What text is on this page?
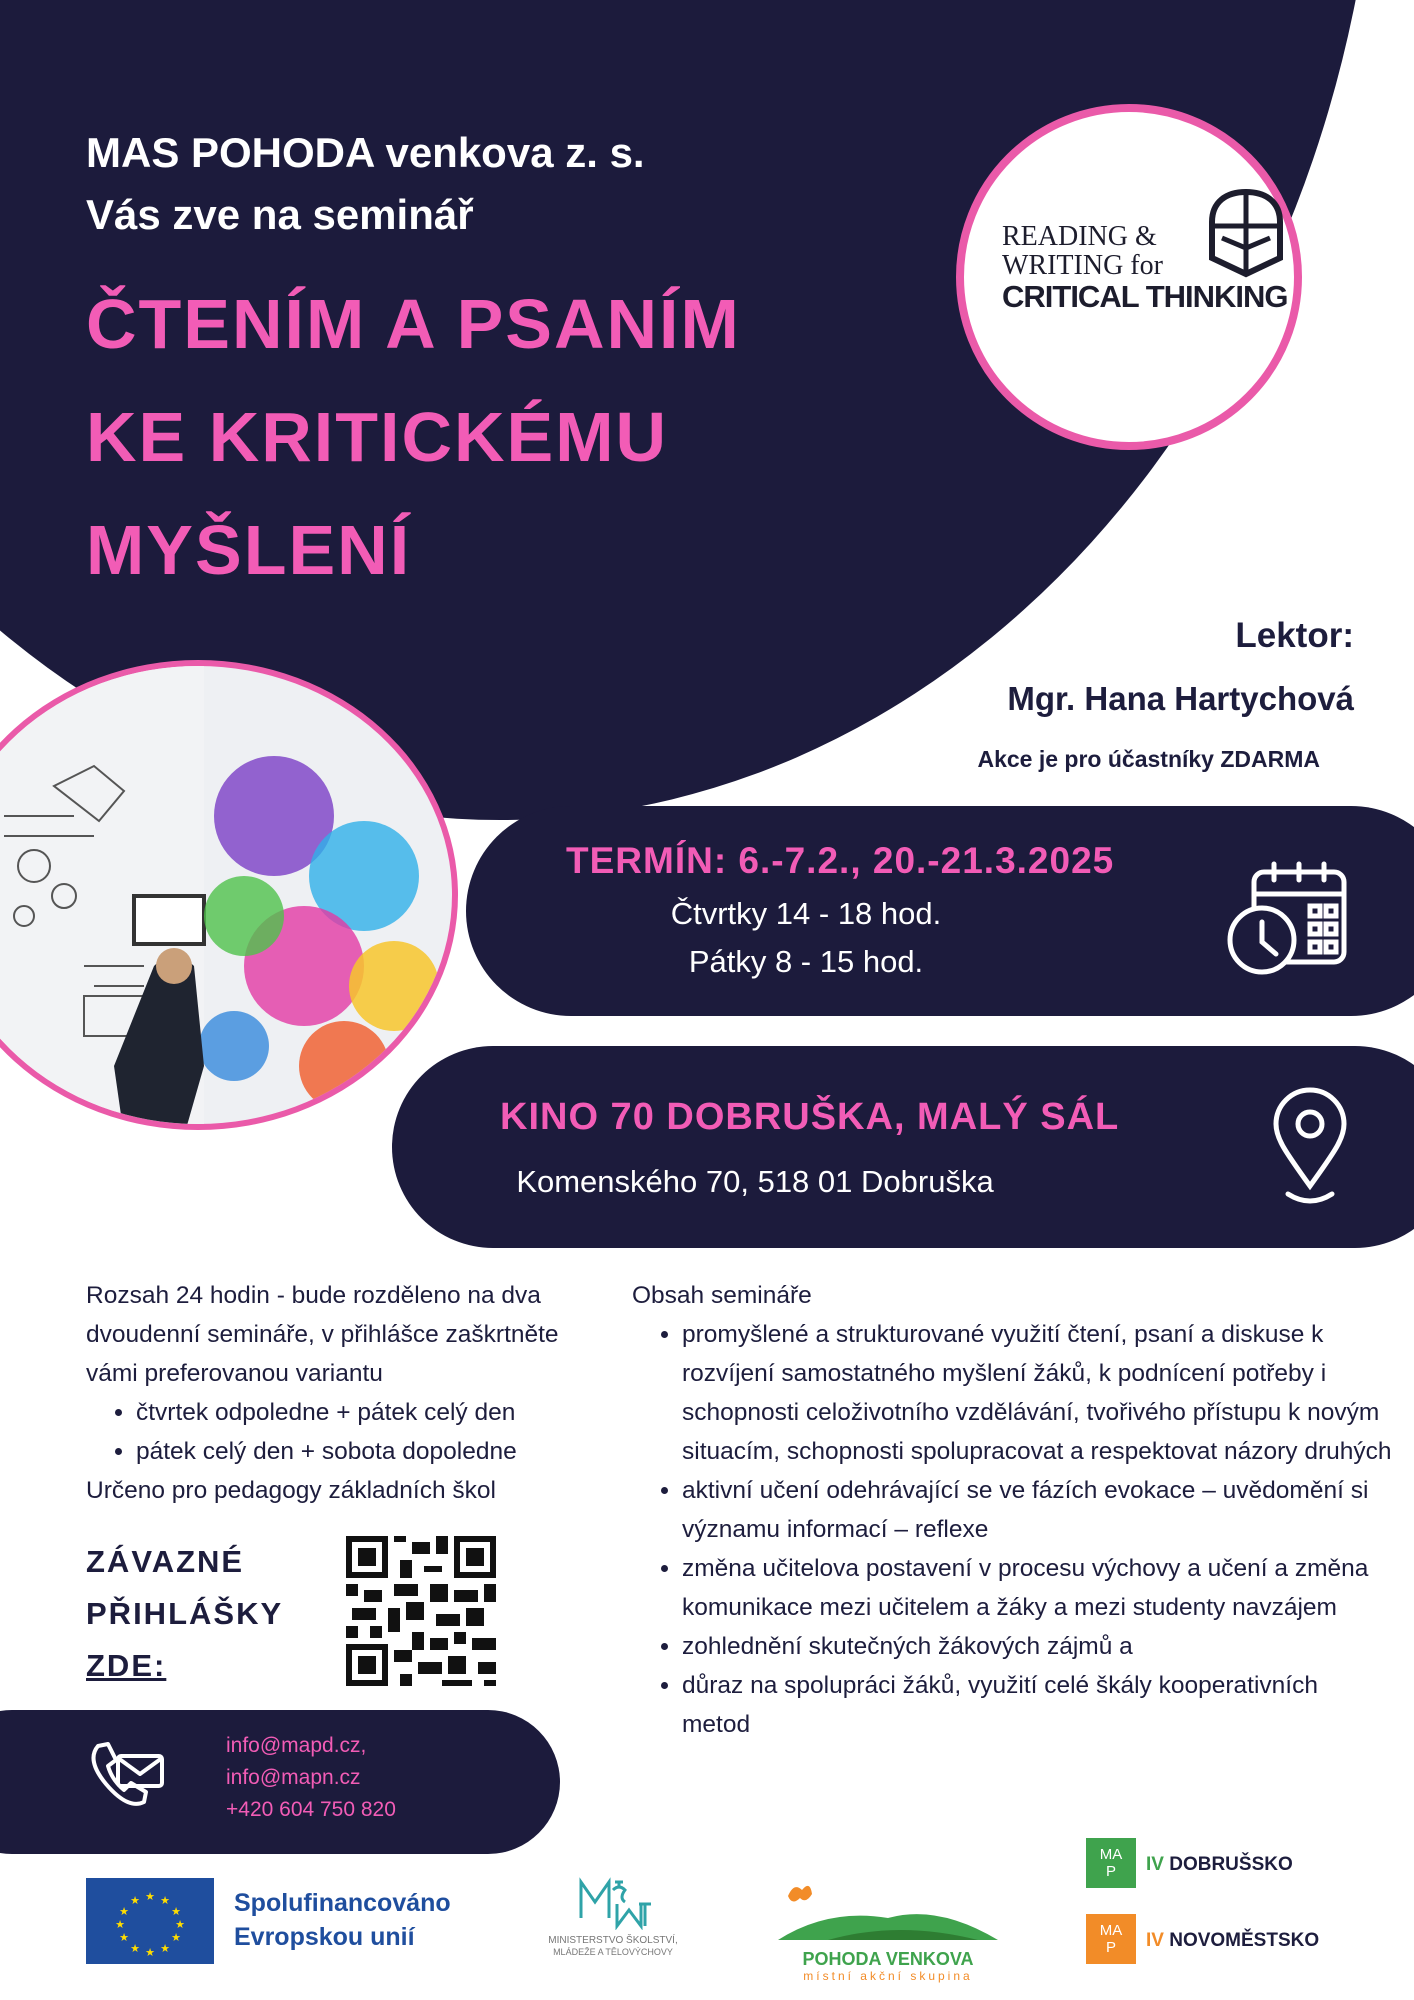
MAS POHODA venkova z. s.
Vás zve na seminář
ČTENÍM A PSANÍM
KE KRITICKÉMU
MYŠLENÍ
READING &
WRITING for
CRITICAL THINKING
Lektor:
Mgr. Hana Hartychová
Akce je pro účastníky ZDARMA
TERMÍN: 6.-7.2., 20.-21.3.2025
Čtvrtky 14 - 18 hod.
Pátky 8 - 15 hod.
KINO 70 DOBRUŠKA, MALÝ SÁL
Komenského 70, 518 01 Dobruška
Rozsah 24 hodin - bude rozděleno na dva dvoudenní semináře, v přihlášce zaškrtněte vámi preferovanou variantu
• čtvrtek odpoledne + pátek celý den
• pátek celý den + sobota dopoledne
Určeno pro pedagogy základních škol
ZÁVAZNÉ
PŘIHLÁŠKY
ZDE:
info@mapd.cz,
info@mapn.cz
+420 604 750 820
Obsah semináře
• promyšlené a strukturované využití čtení, psaní a diskuse k rozvíjení samostatného myšlení žáků, k podnícení potřeby i schopnosti celoživotního vzdělávání, tvořivého přístupu k novým situacím, schopnosti spolupracovat a respektovat názory druhých
• aktivní učení odehrávající se ve fázích evokace – uvědomění si významu informací – reflexe
• změna učitelova postavení v procesu výchovy a učení a změna komunikace mezi učitelem a žáky a mezi studenty navzájem
• zohlednění skutečných žákových zájmů a
• důraz na spolupráci žáků, využití celé škály kooperativních metod
★ ★
★
★
★
★
★
★
★
★
★
★	Spolufinancováno
Evropskou unií	MINISTERSTVO ŠKOLSTVÍ,
MLÁDEŽE A TĚLOVÝCHOVY	POHODA VENKOVA
místní akční skupina
MA
P	IV DOBRUŠSKO
MA
P	IV NOVOMĚSTSKO
